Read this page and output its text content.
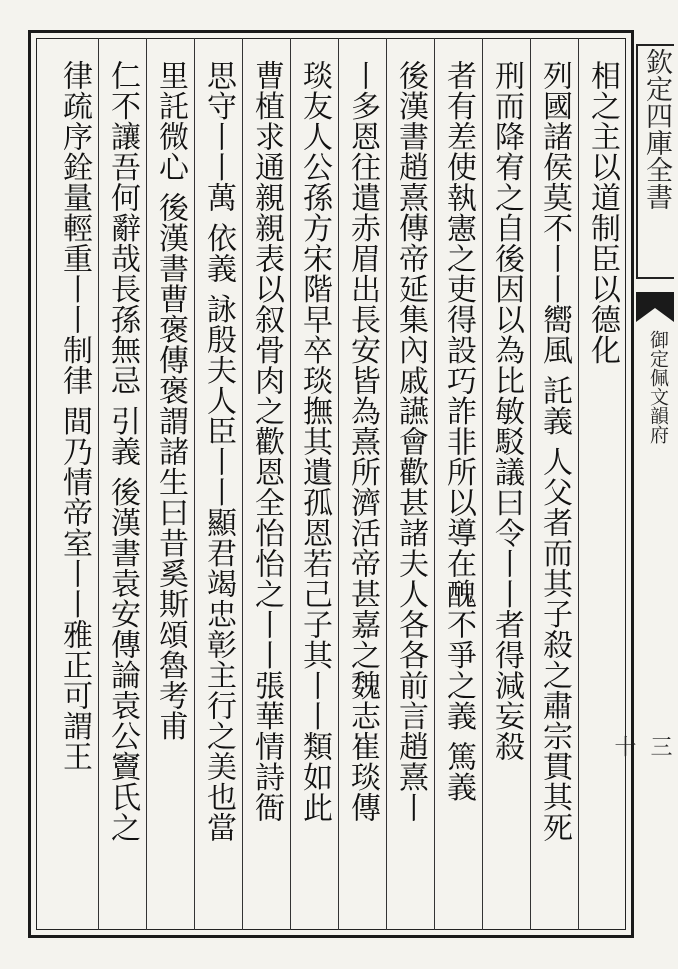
相之主以道制臣以德化
列國諸侯莫不丨丨嚮風 託義 人父者而其子殺之肅宗貫其死
刑而降宥之自後因以為比敏駁議曰令丨丨者得減妄殺
者有差使執憲之吏得設巧詐非所以導在醜不爭之義 篤義
後漢書趙熹傳帝延集內戚讌會歡甚諸夫人各各前言趙熹丨
丨多恩往遣赤眉出長安皆為熹所濟活帝甚嘉之魏志崔琰傳
琰友人公孫方宋階早卒琰撫其遺孤恩若己子其丨丨類如此
曹植求通親親表以叙骨肉之歡恩全怡怡之丨丨張華情詩衙
思守丨丨萬 依義 詠殷夫人臣丨丨顯君竭忠彰主行之美也當
里託微心 後漢書曹褒傳褒謂諸生曰昔奚斯頌魯考甫
仁不讓吾何辭哉長孫無忌 引義 後漢書袁安傳論袁公竇氏之
律疏序銓量輕重丨丨制律 間乃情帝室丨丨雅正可謂王	欽定四庫全書
御定佩文韻府
三十
